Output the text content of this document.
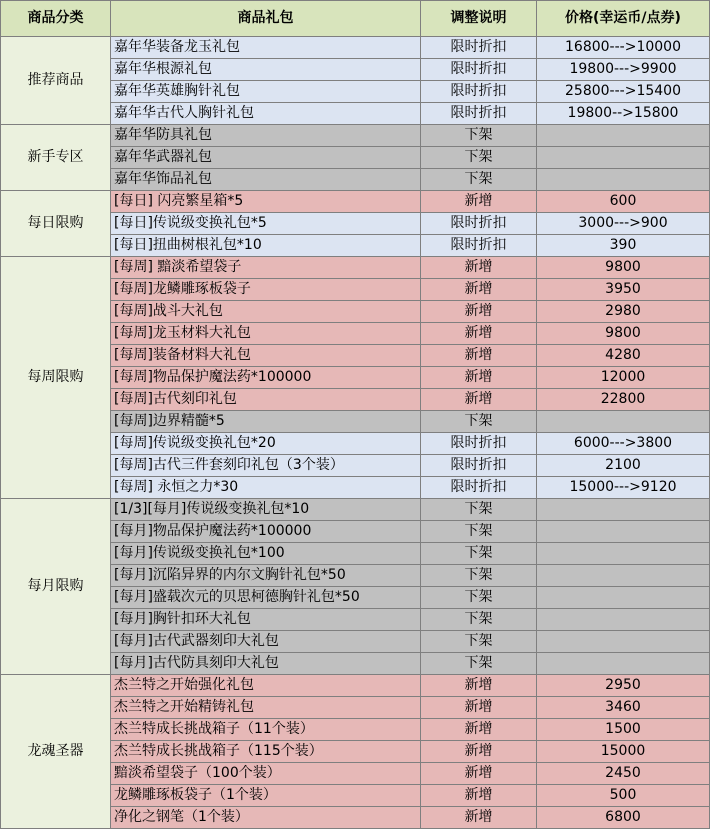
商品分类	商品礼包	调整说明	价格(幸运币/点券)
推荐商品	嘉年华装备龙玉礼包	限时折扣	16800--->10000
	嘉年华根源礼包	限时折扣	19800--->9900
	嘉年华英雄胸针礼包	限时折扣	25800--->15400
	嘉年华古代人胸针礼包	限时折扣	19800-->15800
新手专区	嘉年华防具礼包	下架	
	嘉年华武器礼包	下架	
	嘉年华饰品礼包	下架	
每日限购	[每日] 闪亮繁星箱*5	新增	600
	[每日]传说级变换礼包*5	限时折扣	3000--->900
	[每日]扭曲树根礼包*10	限时折扣	390
每周限购	[每周] 黯淡希望袋子	新增	9800
	[每周]龙鳞雕琢板袋子	新增	3950
	[每周]战斗大礼包	新增	2980
	[每周]龙玉材料大礼包	新增	9800
	[每周]装备材料大礼包	新增	4280
	[每周]物品保护魔法药*100000	新增	12000
	[每周]古代刻印礼包	新增	22800
	[每周]边界精髓*5	下架	
	[每周]传说级变换礼包*20	限时折扣	6000--->3800
	[每周]古代三件套刻印礼包（3个装）	限时折扣	2100
	[每周] 永恒之力*30	限时折扣	15000--->9120
每月限购	[1/3][每月]传说级变换礼包*10	下架	
	[每月]物品保护魔法药*100000	下架	
	[每月]传说级变换礼包*100	下架	
	[每月]沉陷异界的内尔文胸针礼包*50	下架	
	[每月]盛载次元的贝思柯德胸针礼包*50	下架	
	[每月]胸针扣环大礼包	下架	
	[每月]古代武器刻印大礼包	下架	
	[每月]古代防具刻印大礼包	下架	
龙魂圣器	杰兰特之开始强化礼包	新增	2950
	杰兰特之开始精铸礼包	新增	3460
	杰兰特成长挑战箱子（11个装）	新增	1500
	杰兰特成长挑战箱子（115个装）	新增	15000
	黯淡希望袋子（100个装）	新增	2450
	龙鳞雕琢板袋子（1个装）	新增	500
	净化之钢笔（1个装）	新增	6800
